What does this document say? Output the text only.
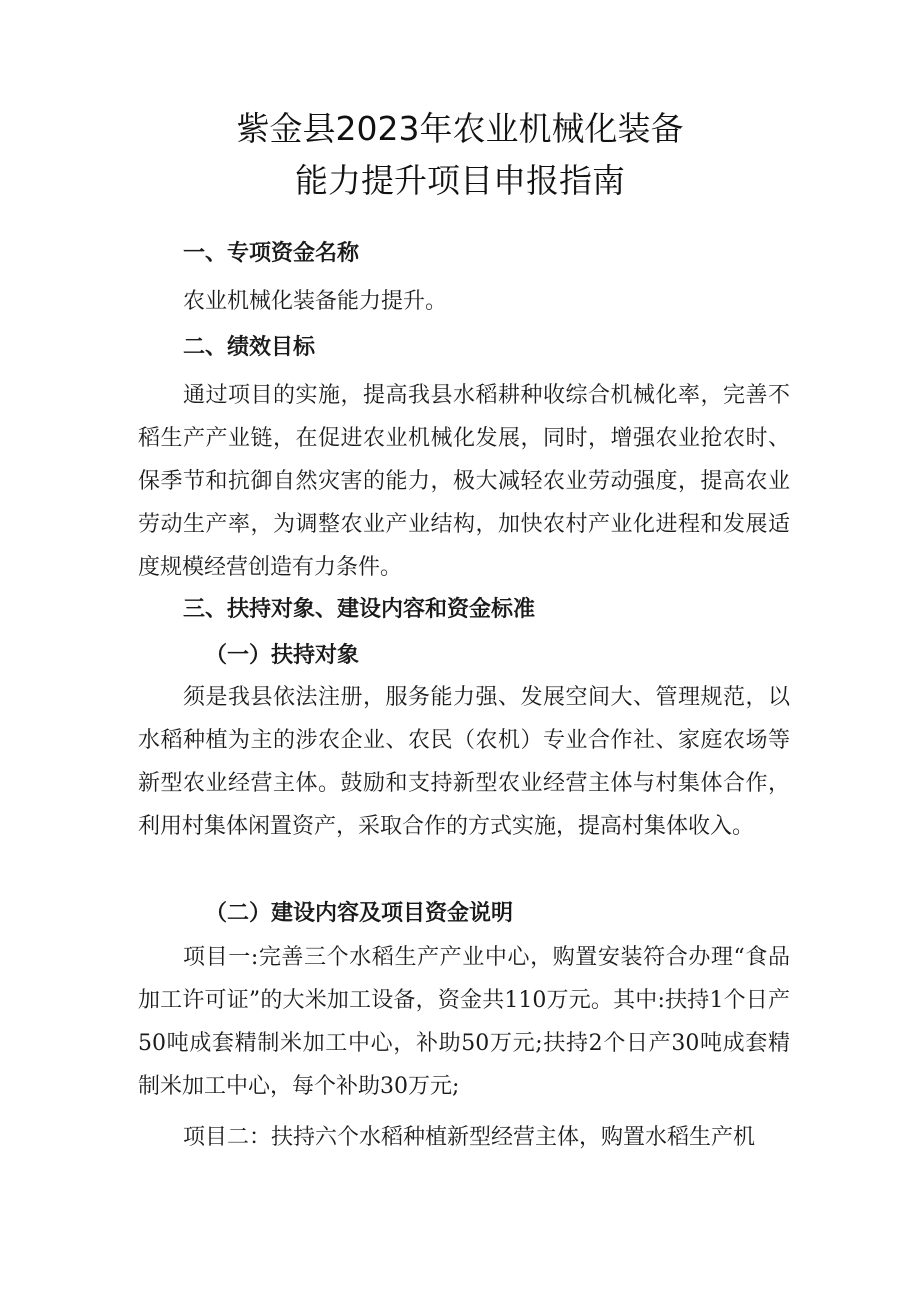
紫金县2023年农业机械化装备
能力提升项目申报指南
一、专项资金名称

农业机械化装备能力提升。

二、绩效目标

通过项目的实施，提高我县水稻耕种收综合机械化率，完善不稻生产产业链，在促进农业机械化发展，同时，增强农业抢农时、保季节和抗御自然灾害的能力，极大减轻农业劳动强度，提高农业劳动生产率，为调整农业产业结构，加快农村产业化进程和发展适度规模经营创造有力条件。

三、扶持对象、建设内容和资金标准
（一）扶持对象

须是我县依法注册，服务能力强、发展空间大、管理规范，以水稻种植为主的涉农企业、农民（农机）专业合作社、家庭农场等新型农业经营主体。鼓励和支持新型农业经营主体与村集体合作，利用村集体闲置资产，采取合作的方式实施，提高村集体收入。

（二）建设内容及项目资金说明

项目一:完善三个水稻生产产业中心，购置安装符合办理“食品加工许可证”的大米加工设备，资金共110万元。其中:扶持1个日产50吨成套精制米加工中心，补助50万元;扶持2个日产30吨成套精制米加工中心，每个补助30万元;

项目二：扶持六个水稻种植新型经营主体，购置水稻生产机
